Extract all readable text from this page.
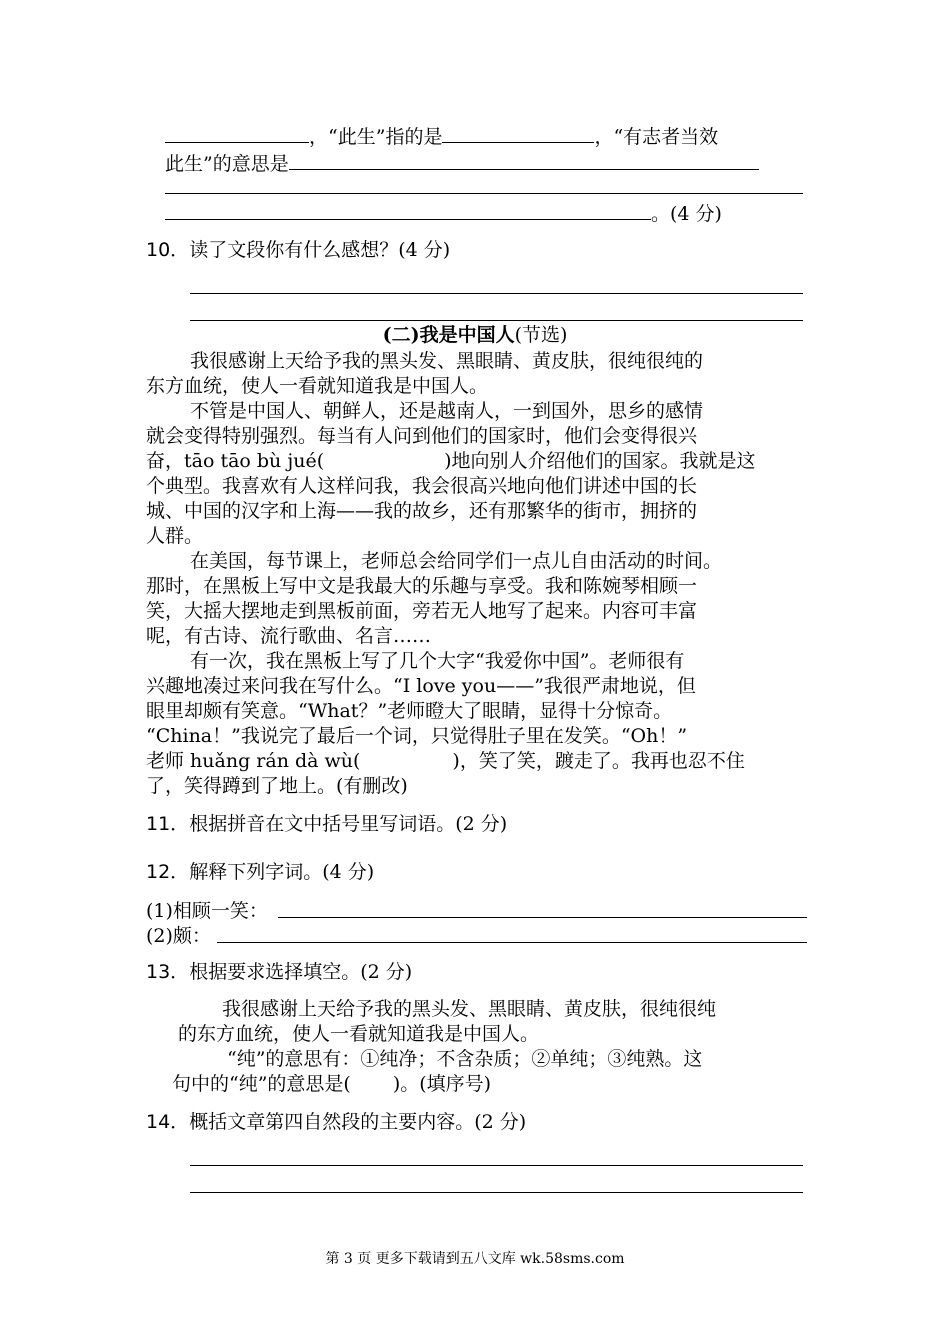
，“此生”指的是	，“有志者当效
此生”的意思是
。(4 分)
10．读了文段你有什么感想？(4 分)
(二)我是中国人(节选)
我很感谢上天给予我的黑头发、黑眼睛、黄皮肤，很纯很纯的
东方血统，使人一看就知道我是中国人。
不管是中国人、朝鲜人，还是越南人，一到国外，思乡的感情
就会变得特别强烈。每当有人问到他们的国家时，他们会变得很兴
奋，tāo tāo bù jué(	)地向别人介绍他们的国家。我就是这
个典型。我喜欢有人这样问我，我会很高兴地向他们讲述中国的长
城、中国的汉字和上海——我的故乡，还有那繁华的街市，拥挤的
人群。
在美国，每节课上，老师总会给同学们一点儿自由活动的时间。
那时，在黑板上写中文是我最大的乐趣与享受。我和陈婉琴相顾一
笑，大摇大摆地走到黑板前面，旁若无人地写了起来。内容可丰富
呢，有古诗、流行歌曲、名言……
有一次，我在黑板上写了几个大字“我爱你中国”。老师很有
兴趣地凑过来问我在写什么。“I love you——”我很严肃地说，但
眼里却颇有笑意。“What？”老师瞪大了眼睛，显得十分惊奇。
“China！”我说完了最后一个词，只觉得肚子里在发笑。“Oh！”
老师 huǎng rán dà wù(	)，笑了笑，踱走了。我再也忍不住
了，笑得蹲到了地上。(有删改)
11．根据拼音在文中括号里写词语。(2 分)
12．解释下列字词。(4 分)
(1)相顾一笑：
(2)颇：
13．根据要求选择填空。(2 分)
我很感谢上天给予我的黑头发、黑眼睛、黄皮肤，很纯很纯
的东方血统，使人一看就知道我是中国人。
“纯”的意思有：①纯净；不含杂质；②单纯；③纯熟。这
句中的“纯”的意思是( )。(填序号)
14．概括文章第四自然段的主要内容。(2 分)
第 3 页 更多下载请到五八文库 wk.58sms.com
